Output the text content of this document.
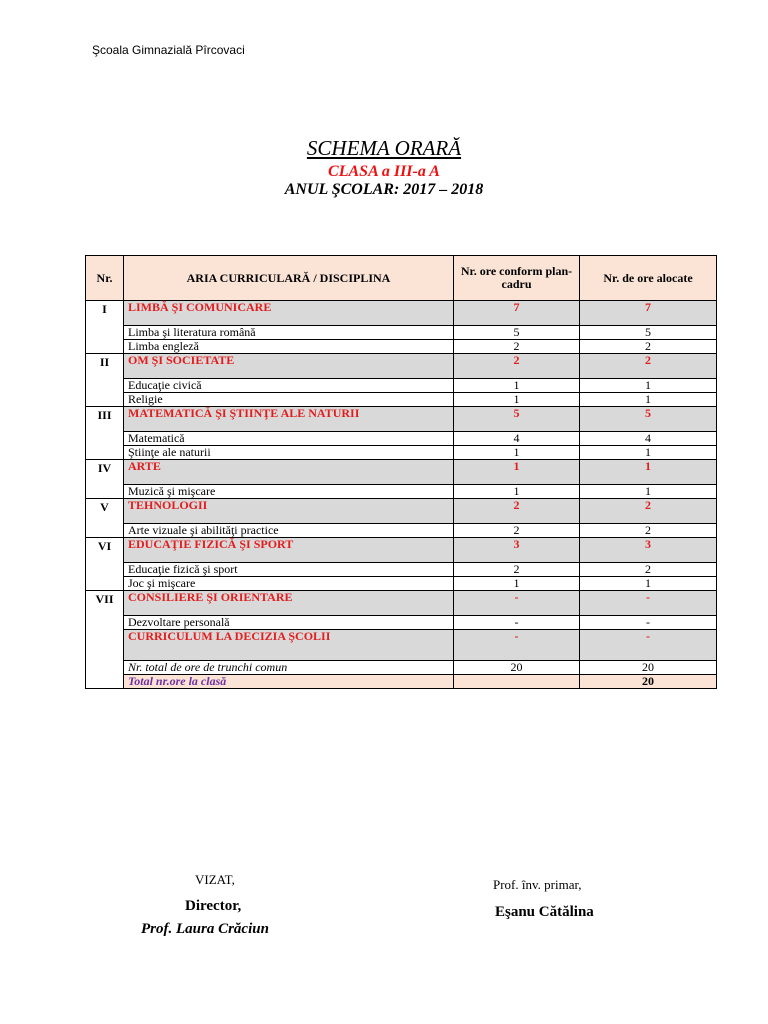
Şcoala Gimnazială Pîrcovaci
SCHEMA ORARĂ
CLASA a III-a A
ANUL ŞCOLAR: 2017 – 2018
Nr.	ARIA CURRICULARĂ / DISCIPLINA	Nr. ore conform plan- cadru	Nr. de ore alocate
I	LIMBĂ ŞI COMUNICARE	7	7
	Limba şi literatura română	5	5
	Limba engleză	2	2
II	OM ŞI SOCIETATE	2	2
	Educaţie civică	1	1
	Religie	1	1
III	MATEMATICĂ ŞI ŞTIINŢE ALE NATURII	5	5
	Matematică	4	4
	Ştiinţe ale naturii	1	1
IV	ARTE	1	1
	Muzică şi mişcare	1	1
V	TEHNOLOGII	2	2
	Arte vizuale şi abilităţi practice	2	2
VI	EDUCAŢIE FIZICĂ ŞI SPORT	3	3
	Educaţie fizică şi sport	2	2
	Joc şi mişcare	1	1
VII	CONSILIERE ŞI ORIENTARE	-	-
	Dezvoltare personală	-	-
	CURRICULUM LA DECIZIA ŞCOLII	-	-
	Nr. total de ore de trunchi comun	20	20
	Total nr.ore la clasă		20
VIZAT,
Director,
Prof. Laura Crăciun
Prof. înv. primar,
Eşanu Cătălina
